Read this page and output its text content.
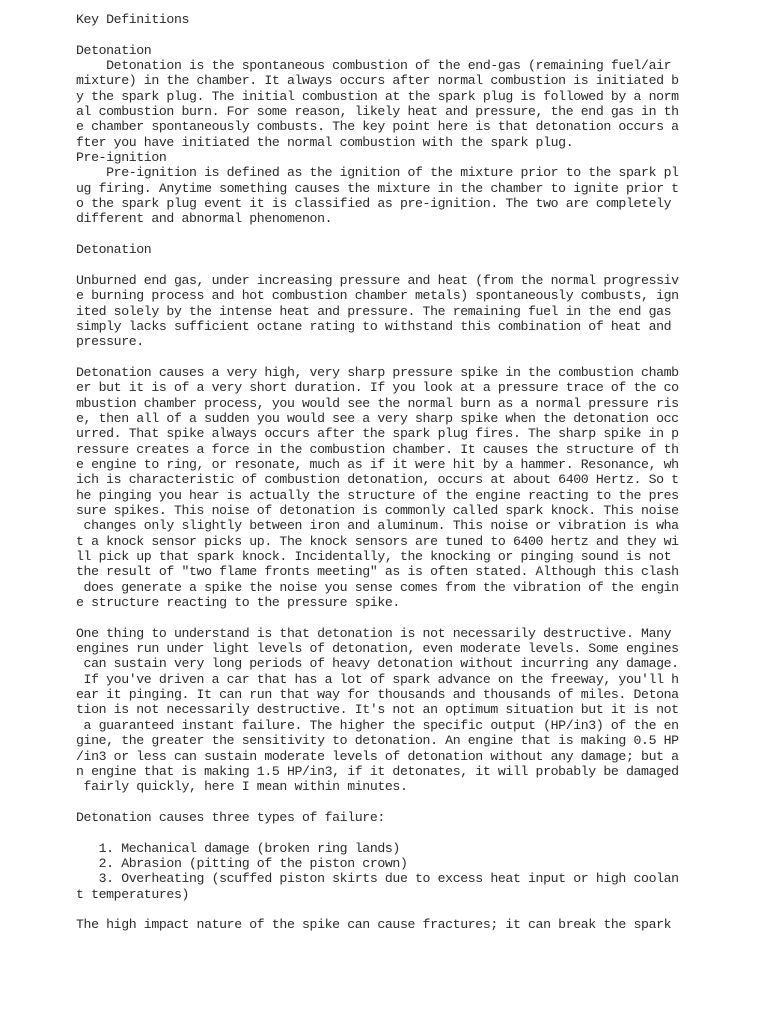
Key Definitions
Detonation
Detonation is the spontaneous combustion of the end-gas (remaining fuel/air
mixture) in the chamber. It always occurs after normal combustion is initiated b
y the spark plug. The initial combustion at the spark plug is followed by a norm
al combustion burn. For some reason, likely heat and pressure, the end gas in th
e chamber spontaneously combusts. The key point here is that detonation occurs a
fter you have initiated the normal combustion with the spark plug.
Pre-ignition
Pre-ignition is defined as the ignition of the mixture prior to the spark pl
ug firing. Anytime something causes the mixture in the chamber to ignite prior t
o the spark plug event it is classified as pre-ignition. The two are completely
different and abnormal phenomenon.
Detonation
Unburned end gas, under increasing pressure and heat (from the normal progressiv
e burning process and hot combustion chamber metals) spontaneously combusts, ign
ited solely by the intense heat and pressure. The remaining fuel in the end gas
simply lacks sufficient octane rating to withstand this combination of heat and
pressure.
Detonation causes a very high, very sharp pressure spike in the combustion chamb
er but it is of a very short duration. If you look at a pressure trace of the co
mbustion chamber process, you would see the normal burn as a normal pressure ris
e, then all of a sudden you would see a very sharp spike when the detonation occ
urred. That spike always occurs after the spark plug fires. The sharp spike in p
ressure creates a force in the combustion chamber. It causes the structure of th
e engine to ring, or resonate, much as if it were hit by a hammer. Resonance, wh
ich is characteristic of combustion detonation, occurs at about 6400 Hertz. So t
he pinging you hear is actually the structure of the engine reacting to the pres
sure spikes. This noise of detonation is commonly called spark knock. This noise
changes only slightly between iron and aluminum. This noise or vibration is wha
t a knock sensor picks up. The knock sensors are tuned to 6400 hertz and they wi
ll pick up that spark knock. Incidentally, the knocking or pinging sound is not
the result of "two flame fronts meeting" as is often stated. Although this clash
does generate a spike the noise you sense comes from the vibration of the engin
e structure reacting to the pressure spike.
One thing to understand is that detonation is not necessarily destructive. Many
engines run under light levels of detonation, even moderate levels. Some engines
can sustain very long periods of heavy detonation without incurring any damage.
If you've driven a car that has a lot of spark advance on the freeway, you'll h
ear it pinging. It can run that way for thousands and thousands of miles. Detona
tion is not necessarily destructive. It's not an optimum situation but it is not
a guaranteed instant failure. The higher the specific output (HP/in3) of the en
gine, the greater the sensitivity to detonation. An engine that is making 0.5 HP
/in3 or less can sustain moderate levels of detonation without any damage; but a
n engine that is making 1.5 HP/in3, if it detonates, it will probably be damaged
fairly quickly, here I mean within minutes.
Detonation causes three types of failure:
1. Mechanical damage (broken ring lands)
2. Abrasion (pitting of the piston crown)
3. Overheating (scuffed piston skirts due to excess heat input or high coolan
t temperatures)
The high impact nature of the spike can cause fractures; it can break the spark
